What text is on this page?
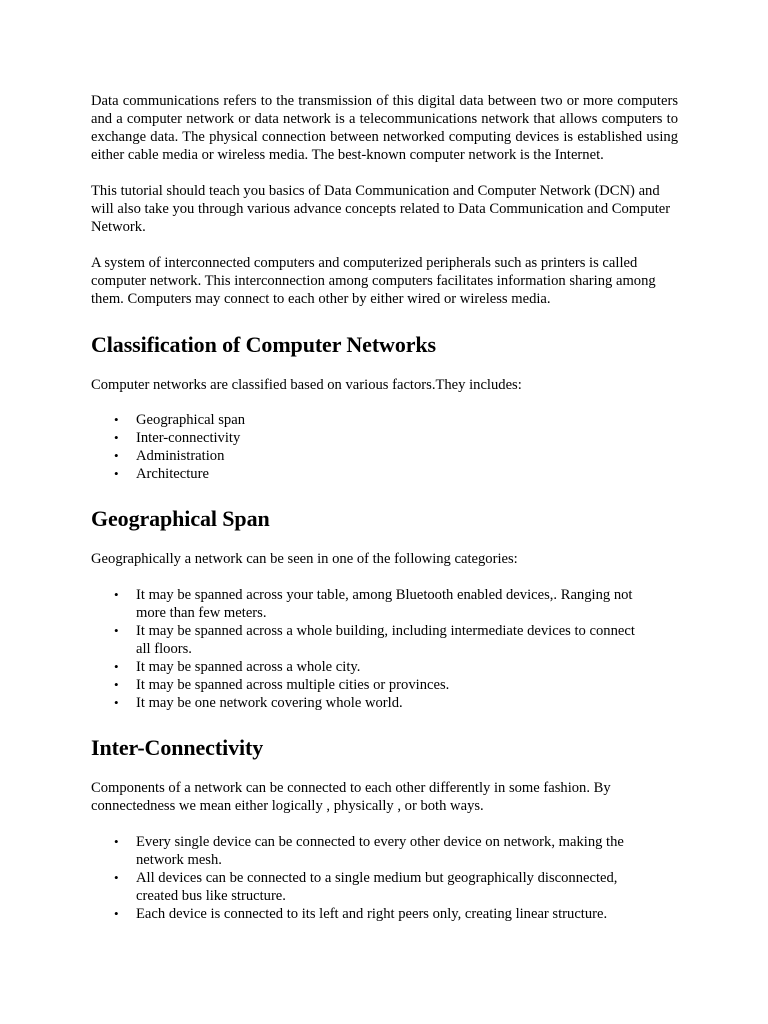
Data communications refers to the transmission of this digital data between two or more computers and a computer network or data network is a telecommunications network that allows computers to exchange data. The physical connection between networked computing devices is established using either cable media or wireless media. The best-known computer network is the Internet.

This tutorial should teach you basics of Data Communication and Computer Network (DCN) and will also take you through various advance concepts related to Data Communication and Computer Network.

A system of interconnected computers and computerized peripherals such as printers is called computer network. This interconnection among computers facilitates information sharing among them. Computers may connect to each other by either wired or wireless media.

Classification of Computer Networks

Computer networks are classified based on various factors.They includes:

• Geographical span
• Inter-connectivity
• Administration
• Architecture
Geographical Span

Geographically a network can be seen in one of the following categories:

• It may be spanned across your table, among Bluetooth enabled devices,. Ranging not more than few meters.
• It may be spanned across a whole building, including intermediate devices to connect all floors.
• It may be spanned across a whole city.
• It may be spanned across multiple cities or provinces.
• It may be one network covering whole world.
Inter-Connectivity

Components of a network can be connected to each other differently in some fashion. By connectedness we mean either logically , physically , or both ways.

• Every single device can be connected to every other device on network, making the network mesh.
• All devices can be connected to a single medium but geographically disconnected, created bus like structure.
• Each device is connected to its left and right peers only, creating linear structure.
